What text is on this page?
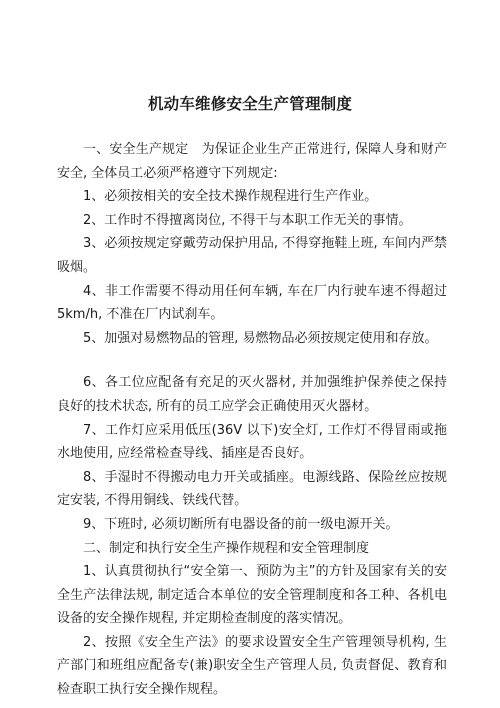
机动车维修安全生产管理制度

一、安全生产规定　为保证企业生产正常进行, 保障人身和财产安全, 全体员工必须严格遵守下列规定:

1、必须按相关的安全技术操作规程进行生产作业。

2、工作时不得擅离岗位, 不得干与本职工作无关的事情。

3、必须按规定穿戴劳动保护用品, 不得穿拖鞋上班, 车间内严禁吸烟。

4、非工作需要不得动用任何车辆, 车在厂内行驶车速不得超过 5km/h, 不准在厂内试刹车。

5、加强对易燃物品的管理, 易燃物品必须按规定使用和存放。

6、各工位应配备有充足的灭火器材, 并加强维护保养使之保持良好的技术状态, 所有的员工应学会正确使用灭火器材。

7、工作灯应采用低压(36V 以下)安全灯, 工作灯不得冒雨或拖水地使用, 应经常检查导线、插座是否良好。

8、手湿时不得搬动电力开关或插座。电源线路、保险丝应按规定安装, 不得用铜线、铁线代替。

9、下班时, 必须切断所有电器设备的前一级电源开关。

二、制定和执行安全生产操作规程和安全管理制度

1、认真贯彻执行“安全第一、预防为主”的方针及国家有关的安全生产法律法规, 制定适合本单位的安全管理制度和各工种、各机电设备的安全操作规程, 并定期检查制度的落实情况。

2、按照《安全生产法》的要求设置安全生产管理领导机构, 生产部门和班组应配备专(兼)职安全生产管理人员, 负责督促、教育和检查职工执行安全操作规程。
